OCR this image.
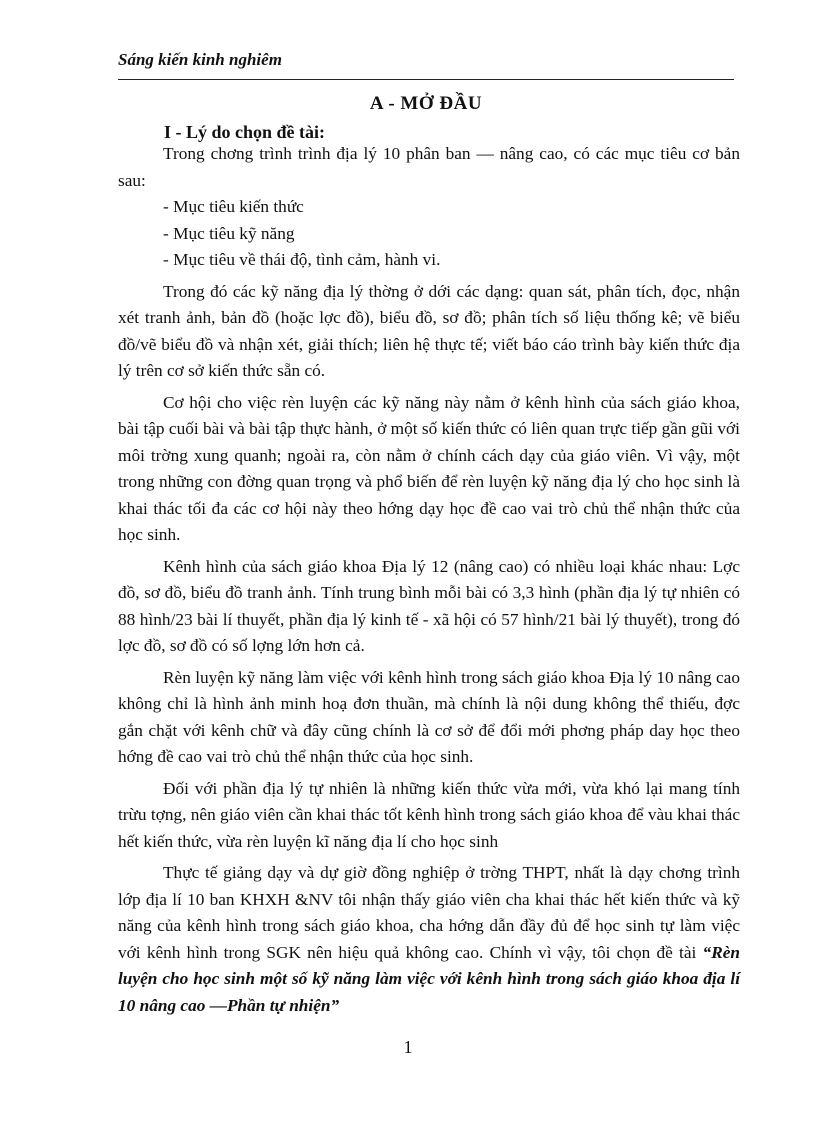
Sáng kiến kinh nghiêm
A - MỞ ĐẦU
I - Lý do chọn đề tài:

Trong chơng trình trình địa lý 10 phân ban — nâng cao, có các mục tiêu cơ bản sau:

- Mục tiêu kiến thức

- Mục tiêu kỹ năng

- Mục tiêu về thái độ, tình cảm, hành vi.

Trong đó các kỹ năng địa lý thờng ở dới các dạng: quan sát, phân tích, đọc, nhận xét tranh ảnh, bản đồ (hoặc lợc đồ), biểu đồ, sơ đồ; phân tích số liệu thống kê; vẽ biểu đồ/vẽ biểu đồ và nhận xét, giải thích; liên hệ thực tế; viết báo cáo trình bày kiến thức địa lý trên cơ sở kiến thức sẵn có.

Cơ hội cho việc rèn luyện các kỹ năng này nằm ở kênh hình của sách giáo khoa, bài tập cuối bài và bài tập thực hành, ở một số kiến thức có liên quan trực tiếp gần gũi với môi trờng xung quanh; ngoài ra, còn nằm ở chính cách dạy của giáo viên. Vì vậy, một trong những con đờng quan trọng và phổ biến để rèn luyện kỹ năng địa lý cho học sinh là khai thác tối đa các cơ hội này theo hớng dạy học đề cao vai trò chủ thể nhận thức của học sinh.

Kênh hình của sách giáo khoa Địa lý 12 (nâng cao) có nhiều loại khác nhau: Lợc đồ, sơ đồ, biểu đồ tranh ảnh. Tính trung bình mỗi bài có 3,3 hình (phần địa lý tự nhiên có 88 hình/23 bài lí thuyết, phần địa lý kinh tế - xã hội có 57 hình/21 bài lý thuyết), trong đó lợc đồ, sơ đồ có số lợng lớn hơn cả.

Rèn luyện kỹ năng làm việc với kênh hình trong sách giáo khoa Địa lý 10 nâng cao không chỉ là hình ảnh minh hoạ đơn thuần, mà chính là nội dung không thể thiếu, đợc gắn chặt với kênh chữ và đây cũng chính là cơ sở để đổi mới phơng pháp day học theo hớng đề cao vai trò chủ thể nhận thức của học sinh.

Đối với phần địa lý tự nhiên là những kiến thức vừa mới, vừa khó lại mang tính trừu tợng, nên giáo viên cần khai thác tốt kênh hình trong sách giáo khoa để vàu khai thác hết kiến thức, vừa rèn luyện kĩ năng địa lí cho học sinh

Thực tế giảng dạy và dự giờ đồng nghiệp ở trờng THPT, nhất là dạy chơng trình lớp địa lí 10 ban KHXH &NV tôi nhận thấy giáo viên cha khai thác hết kiến thức và kỹ năng của kênh hình trong sách giáo khoa, cha hớng dẫn đầy đủ để học sinh tự làm việc với kênh hình trong SGK nên hiệu quả không cao. Chính vì vậy, tôi chọn đề tài “Rèn luyện cho học sinh một số kỹ năng làm việc với kênh hình trong sách giáo khoa địa lí 10 nâng cao —Phần tự nhiện”

1
